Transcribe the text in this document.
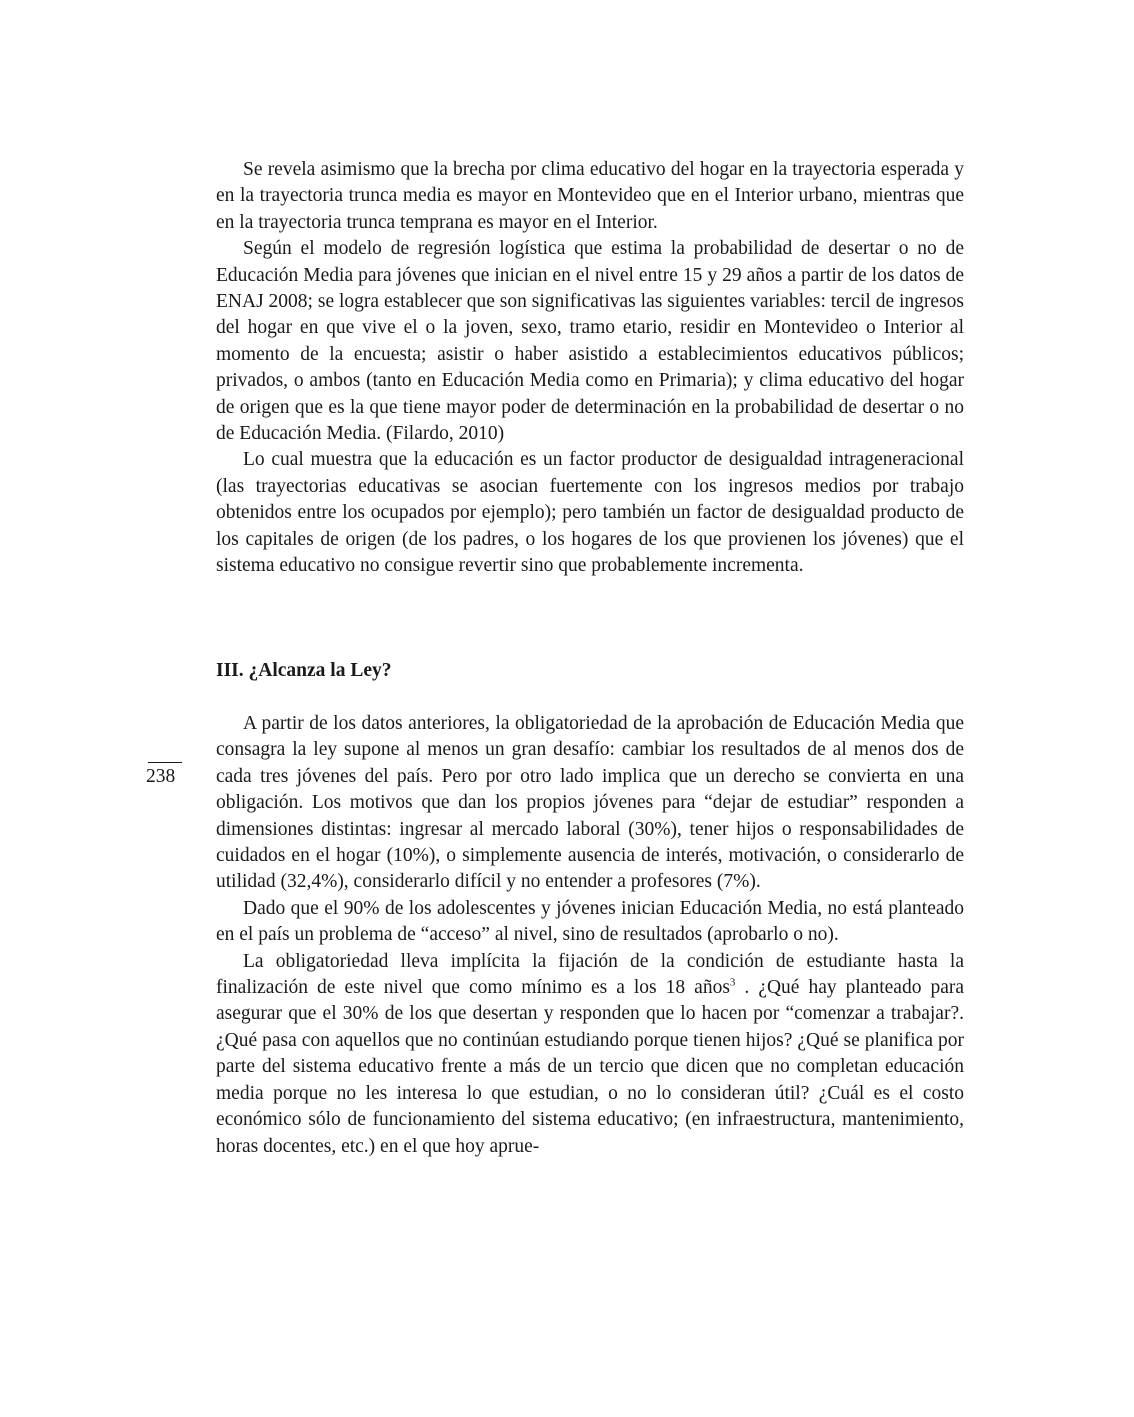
Se revela asimismo que la brecha por clima educativo del hogar en la trayectoria esperada y en la trayectoria trunca media es mayor en Montevideo que en el Interior urbano, mientras que en la trayectoria trunca temprana es mayor en el Interior.

Según el modelo de regresión logística que estima la probabilidad de desertar o no de Educación Media para jóvenes que inician en el nivel entre 15 y 29 años a partir de los datos de ENAJ 2008; se logra establecer que son significativas las siguientes variables: tercil de ingresos del hogar en que vive el o la joven, sexo, tramo etario, residir en Montevideo o Interior al momento de la encuesta; asistir o haber asistido a establecimientos educativos públicos; privados, o ambos (tanto en Educación Media como en Primaria); y clima educativo del hogar de origen que es la que tiene mayor poder de determinación en la probabilidad de desertar o no de Educación Media. (Filardo, 2010)

Lo cual muestra que la educación es un factor productor de desigualdad intrageneracional (las trayectorias educativas se asocian fuertemente con los ingresos medios por trabajo obtenidos entre los ocupados por ejemplo); pero también un factor de desigualdad producto de los capitales de origen (de los padres, o los hogares de los que provienen los jóvenes) que el sistema educativo no consigue revertir sino que probablemente incrementa.

III. ¿Alcanza la Ley?
238

A partir de los datos anteriores, la obligatoriedad de la aprobación de Educación Media que consagra la ley supone al menos un gran desafío: cambiar los resultados de al menos dos de cada tres jóvenes del país. Pero por otro lado implica que un derecho se convierta en una obligación. Los motivos que dan los propios jóvenes para “dejar de estudiar” responden a dimensiones distintas: ingresar al mercado laboral (30%), tener hijos o responsabilidades de cuidados en el hogar (10%), o simplemente ausencia de interés, motivación, o considerarlo de utilidad (32,4%), considerarlo difícil y no entender a profesores (7%).

Dado que el 90% de los adolescentes y jóvenes inician Educación Media, no está planteado en el país un problema de “acceso” al nivel, sino de resultados (aprobarlo o no).

La obligatoriedad lleva implícita la fijación de la condición de estudiante hasta la finalización de este nivel que como mínimo es a los 18 años$^3$ . ¿Qué hay planteado para asegurar que el 30% de los que desertan y responden que lo hacen por “comenzar a trabajar?.¿Qué pasa con aquellos que no continúan estudiando porque tienen hijos? ¿Qué se planifica por parte del sistema educativo frente a más de un tercio que dicen que no completan educación media porque no les interesa lo que estudian, o no lo consideran útil? ¿Cuál es el costo económico sólo de funcionamiento del sistema educativo; (en infraestructura, mantenimiento, horas docentes, etc.) en el que hoy aprue-
